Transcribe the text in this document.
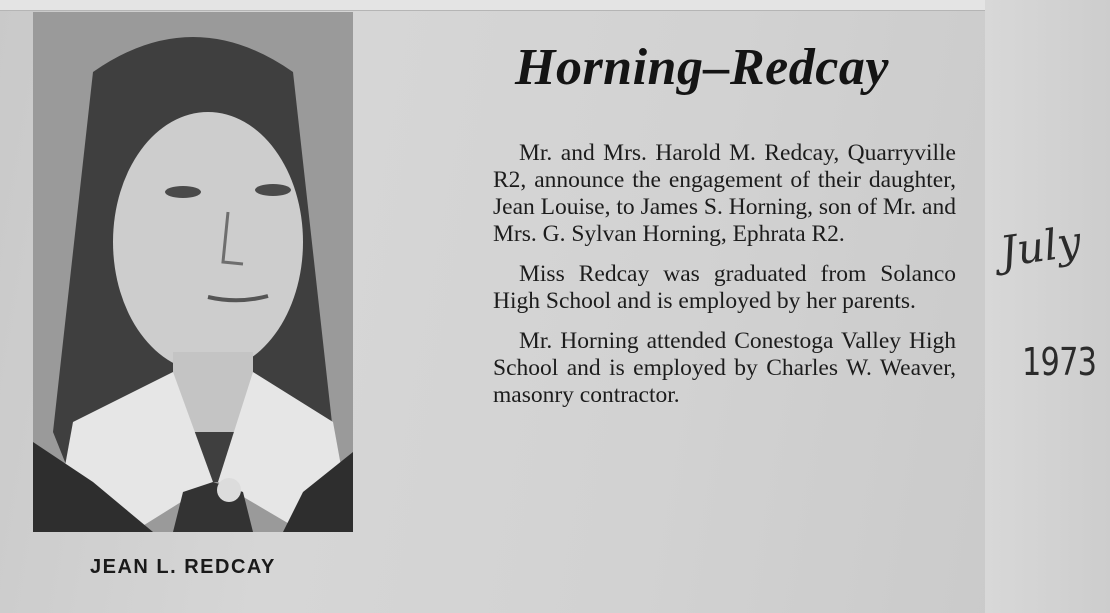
JEAN L. REDCAY
Horning–Redcay

Mr. and Mrs. Harold M. Redcay, Quarryville R2, announce the engagement of their daughter, Jean Louise, to James S. Horning, son of Mr. and Mrs. G. Sylvan Horning, Ephrata R2.

Miss Redcay was graduated from Solanco High School and is employed by her parents.

Mr. Horning attended Conestoga Valley High School and is employed by Charles W. Weaver, masonry contractor.

July
1973
